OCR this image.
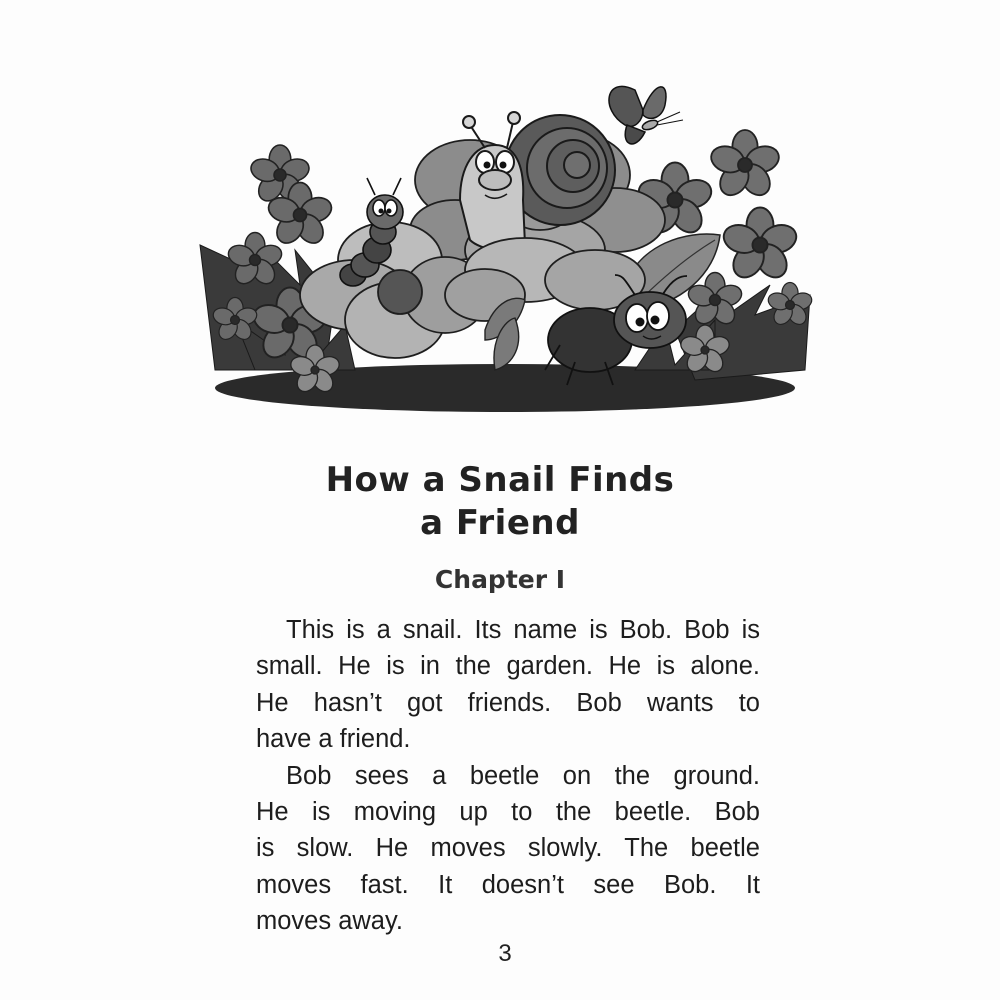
How a Snail Finds
a Friend
Chapter I
This is a snail. Its name is Bob. Bob is
small. He is in the garden. He is alone.
He hasn’t got friends. Bob wants to
have a friend.
Bob sees a beetle on the ground.
He is moving up to the beetle. Bob
is slow. He moves slowly. The beetle
moves fast. It doesn’t see Bob. It
moves away.
3
